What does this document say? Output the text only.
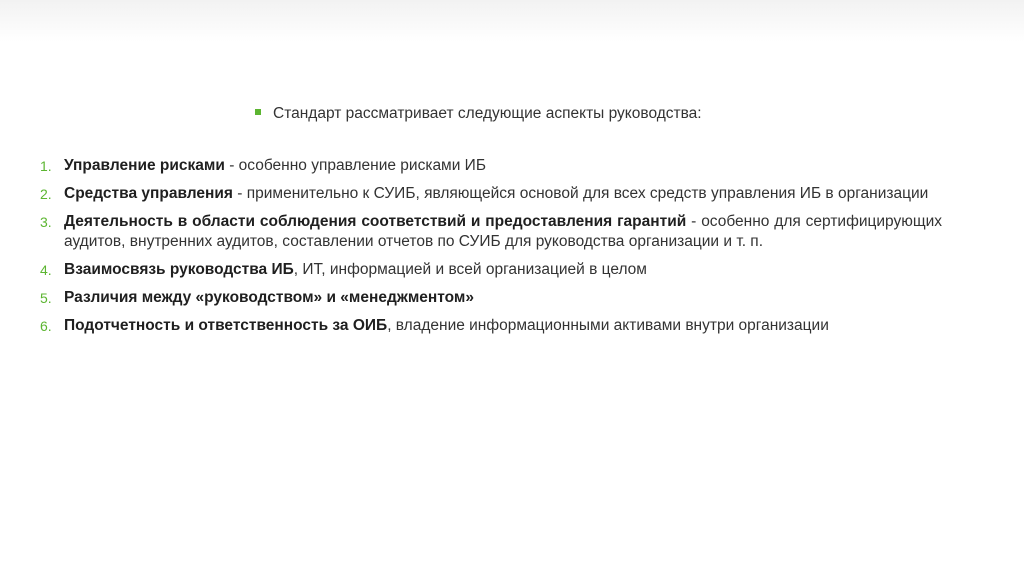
Стандарт рассматривает следующие аспекты руководства:
1. Управление рисками - особенно управление рисками ИБ
2. Средства управления - применительно к СУИБ, являющейся основой для всех средств управления ИБ в организации
3. Деятельность в области соблюдения соответствий и предоставления гарантий - особенно для сертифицирующих аудитов, внутренних аудитов, составлении отчетов по СУИБ для руководства организации и т. п.
4. Взаимосвязь руководства ИБ, ИТ, информацией и всей организацией в целом
5. Различия между «руководством» и «менеджментом»
6. Подотчетность и ответственность за ОИБ, владение информационными активами внутри организации
